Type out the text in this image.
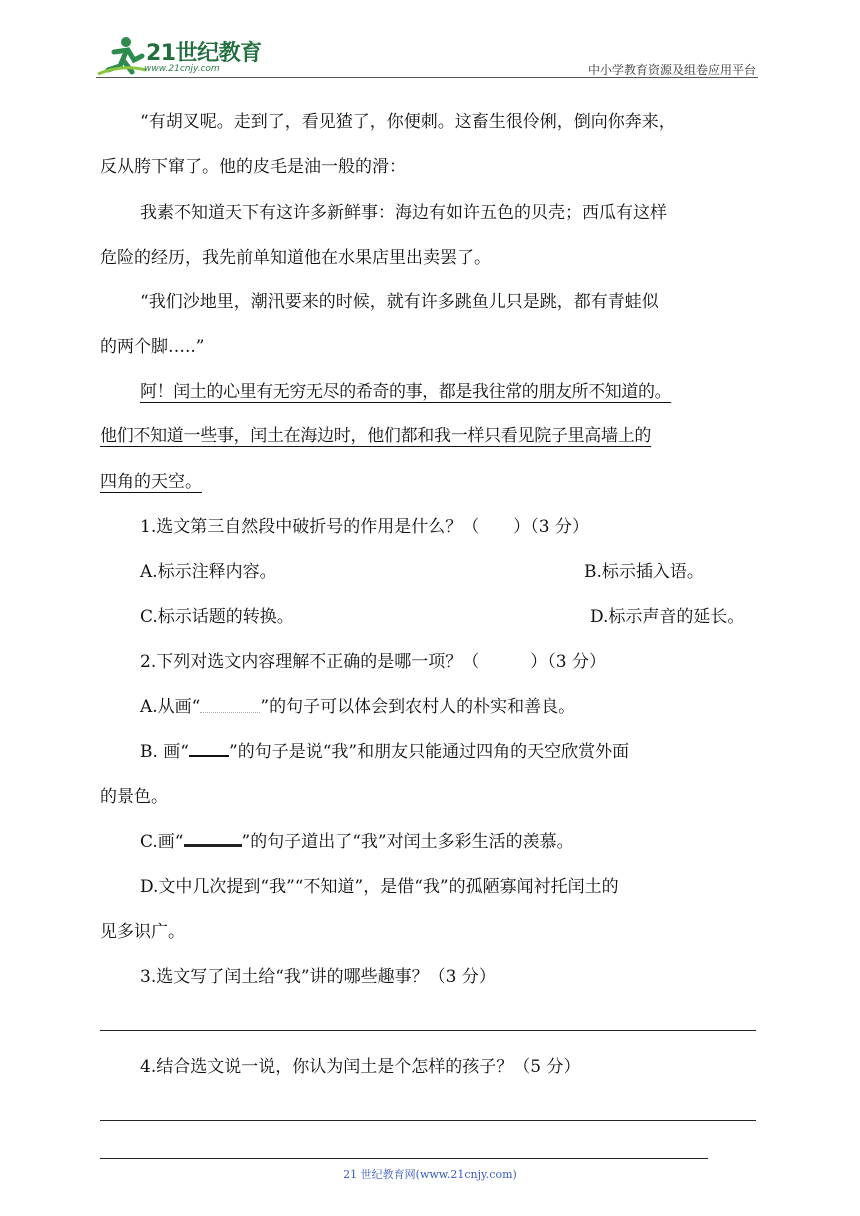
21世纪教育
www.21cnjy.com	中小学教育资源及组卷应用平台
“有胡叉呢。走到了，看见猹了，你便刺。这畜生很伶俐，倒向你奔来，
反从胯下窜了。他的皮毛是油一般的滑：
我素不知道天下有这许多新鲜事：海边有如许五色的贝壳；西瓜有这样
危险的经历，我先前单知道他在水果店里出卖罢了。
“我们沙地里，潮汛要来的时候，就有许多跳鱼儿只是跳，都有青蛙似
的两个脚…..”
阿！闰土的心里有无穷无尽的希奇的事，都是我往常的朋友所不知道的。
他们不知道一些事，闰土在海边时，他们都和我一样只看见院子里高墙上的
四角的天空。
1.选文第三自然段中破折号的作用是什么？（　　）（3 分）
A.标示注释内容。	B.标示插入语。
C.标示话题的转换。	D.标示声音的延长。
2.下列对选文内容理解不正确的是哪一项？（　　　）（3 分）
A.从画“	”的句子可以体会到农村人的朴实和善良。
B. 画“ ”的句子是说“我”和朋友只能通过四角的天空欣赏外面
的景色。
C.画“	”的句子道出了“我”对闰土多彩生活的羡慕。
D.文中几次提到“我”“不知道”，是借“我”的孤陋寡闻衬托闰土的
见多识广。
3.选文写了闰土给“我”讲的哪些趣事？（3 分）
4.结合选文说一说，你认为闰土是个怎样的孩子？（5 分）
21 世纪教育网(www.21cnjy.com)
